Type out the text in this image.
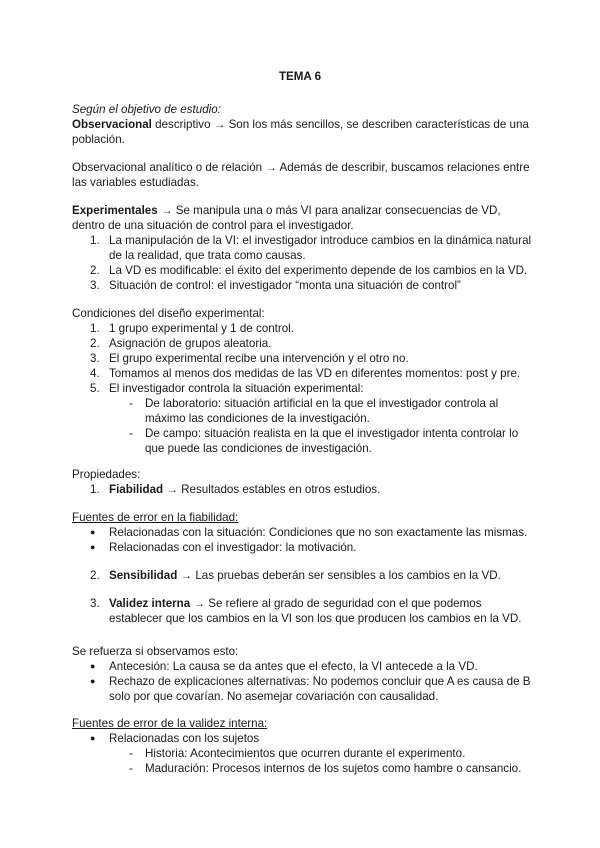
TEMA 6
Según el objetivo de estudio:
Observacional descriptivo → Son los más sencillos, se describen características de una población.
Observacional analítico o de relación → Además de describir, buscamos relaciones entre las variables estudiadas.
Experimentales → Se manipula una o más VI para analizar consecuencias de VD, dentro de una situación de control para el investigador.
1. La manipulación de la VI: el investigador introduce cambios en la dinámica natural de la realidad, que trata como causas.
2. La VD es modificable: el éxito del experimento depende de los cambios en la VD.
3. Situación de control: el investigador “monta una situación de control”
Condiciones del diseño experimental:
1. 1 grupo experimental y 1 de control.
2. Asignación de grupos aleatoria.
3. El grupo experimental recibe una intervención y el otro no.
4. Tomamos al menos dos medidas de las VD en diferentes momentos: post y pre.
5. El investigador controla la situación experimental:
- De laboratorio: situación artificial en la que el investigador controla al máximo las condiciones de la investigación.
- De campo: situación realista en la que el investigador intenta controlar lo que puede las condiciones de investigación.
Propiedades:
1. Fiabilidad → Resultados estables en otros estudios.
Fuentes de error en la fiabilidad:
● Relacionadas con la situación: Condiciones que no son exactamente las mismas.
● Relacionadas con el investigador: la motivación.
2. Sensibilidad → Las pruebas deberán ser sensibles a los cambios en la VD.
3. Validez interna → Se refiere al grado de seguridad con el que podemos establecer que los cambios en la VI son los que producen los cambios en la VD.
Se refuerza si observamos esto:
● Antecesión: La causa se da antes que el efecto, la VI antecede a la VD.
● Rechazo de explicaciones alternativas: No podemos concluir que A es causa de B solo por que covarían. No asemejar covariación con causalidad.
Fuentes de error de la validez interna:
● Relacionadas con los sujetos
- Historia: Acontecimientos que ocurren durante el experimento.
- Maduración: Procesos internos de los sujetos como hambre o cansancio.
